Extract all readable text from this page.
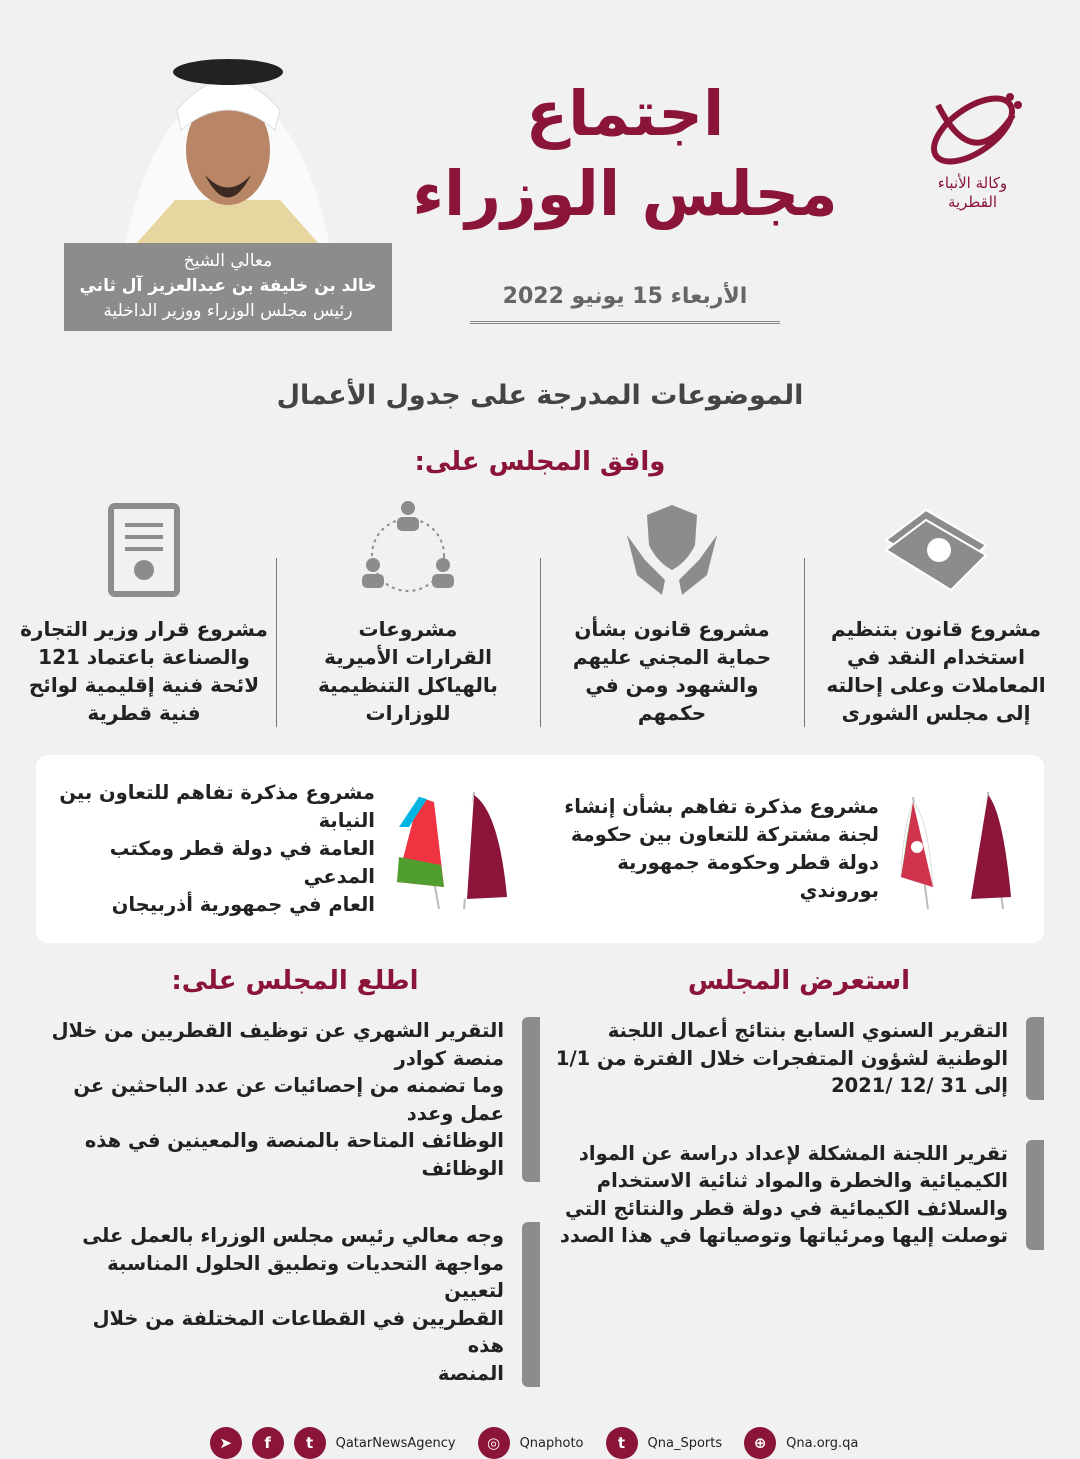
وكالة الأنباء
القطرية
معالي الشيخ
خالد بن خليفة بن عبدالعزيز آل ثاني
رئيس مجلس الوزراء ووزير الداخلية
اجتماع
مجلس الوزراء
الأربعاء 15 يونيو 2022
الموضوعات المدرجة على جدول الأعمال
وافق المجلس على:
مشروع قانون بتنظيم
استخدام النقد في
المعاملات وعلى إحالته
إلى مجلس الشورى
مشروع قانون بشأن
حماية المجني عليهم
والشهود ومن في
حكمهم
مشروعات
القرارات الأميرية
بالهياكل التنظيمية
للوزارات
مشروع قرار وزير التجارة
والصناعة باعتماد 121
لائحة فنية إقليمية لوائح
فنية قطرية
مشروع مذكرة تفاهم بشأن إنشاء
لجنة مشتركة للتعاون بين حكومة
دولة قطر وحكومة جمهورية بوروندي
مشروع مذكرة تفاهم للتعاون بين النيابة
العامة في دولة قطر ومكتب المدعي
العام في جمهورية أذربيجان
استعرض المجلس
التقرير السنوي السابع بنتائج أعمال اللجنة
الوطنية لشؤون المتفجرات خلال الفترة من 1/1
إلى 31 /12 /2021
تقرير اللجنة المشكلة لإعداد دراسة عن المواد
الكيميائية والخطرة والمواد ثنائية الاستخدام
والسلائف الكيمائية في دولة قطر والنتائج التي
توصلت إليها ومرئياتها وتوصياتها في هذا الصدد
اطلع المجلس على:
التقرير الشهري عن توظيف القطريين من خلال منصة كوادر
وما تضمنه من إحصائيات عن عدد الباحثين عن عمل وعدد
الوظائف المتاحة بالمنصة والمعينين في هذه الوظائف
وجه معالي رئيس مجلس الوزراء بالعمل على
مواجهة التحديات وتطبيق الحلول المناسبة لتعيين
القطريين في القطاعات المختلفة من خلال هذه
المنصة
➤	f	t	QatarNewsAgency	◎	Qnaphoto	t	Qna_Sports	⊕	Qna.org.qa
